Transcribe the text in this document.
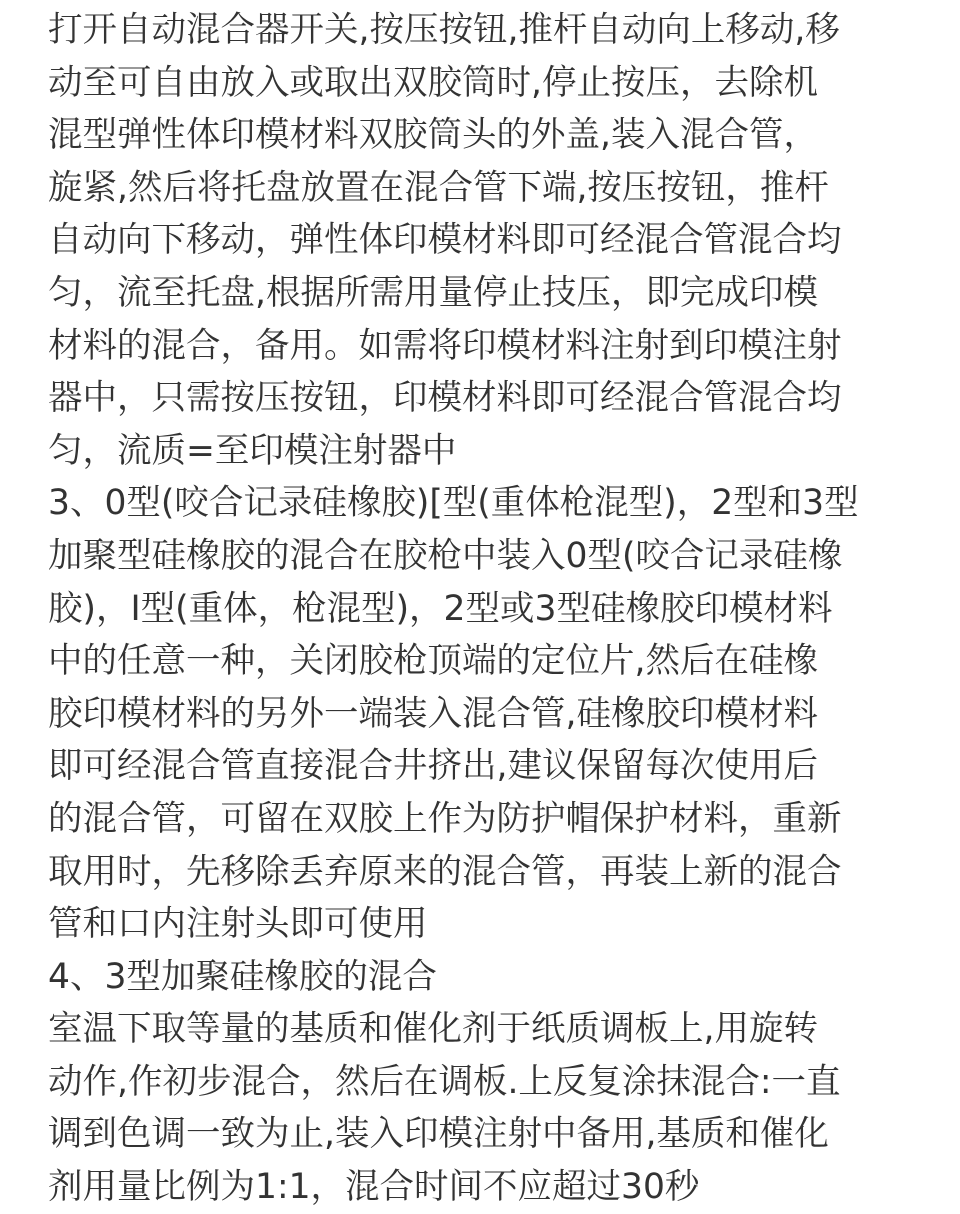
打开自动混合器开关,按压按钮,推杆自动向上移动,移
动至可自由放入或取出双胶筒时,停止按压，去除机
混型弹性体印模材料双胶筒头的外盖,装入混合管，
旋紧,然后将托盘放置在混合管下端,按压按钮，推杆
自动向下移动，弹性体印模材料即可经混合管混合均
匀，流至托盘,根据所需用量停止技压，即完成印模
材料的混合，备用。如需将印模材料注射到印模注射
器中，只需按压按钮，印模材料即可经混合管混合均
匀，流质=至印模注射器中
3、0型(咬合记录硅橡胶)[型(重体枪混型)，2型和3型
加聚型硅橡胶的混合在胶枪中装入0型(咬合记录硅橡
胶)，I型(重体，枪混型)，2型或3型硅橡胶印模材料
中的任意一种，关闭胶枪顶端的定位片,然后在硅橡
胶印模材料的另外一端装入混合管,硅橡胶印模材料
即可经混合管直接混合井挤出,建议保留每次使用后
的混合管，可留在双胶上作为防护帽保护材料，重新
取用时，先移除丢弃原来的混合管，再装上新的混合
管和口内注射头即可使用
4、3型加聚硅橡胶的混合
室温下取等量的基质和催化剂于纸质调板上,用旋转
动作,作初步混合，然后在调板.上反复涂抹混合:一直
调到色调一致为止,装入印模注射中备用,基质和催化
剂用量比例为1:1，混合时间不应超过30秒
